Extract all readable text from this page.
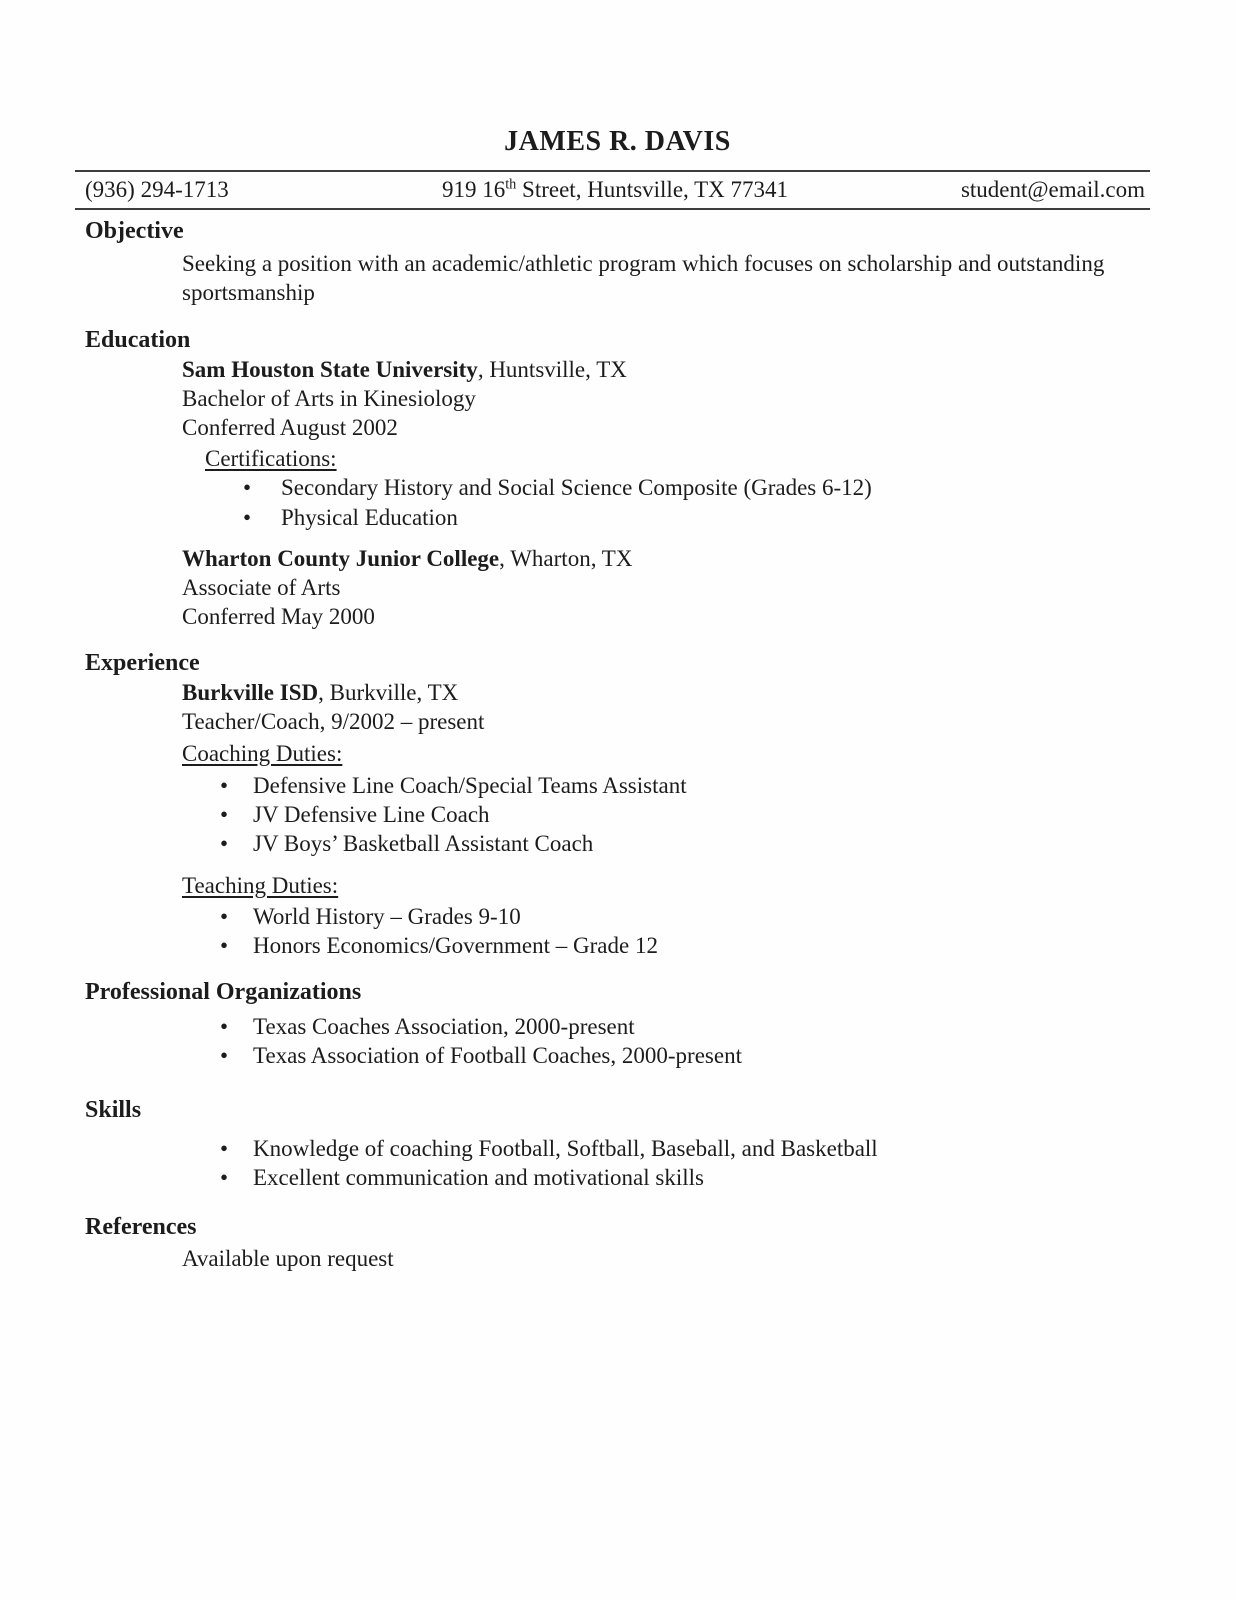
JAMES R. DAVIS
(936) 294-1713	919 16th Street, Huntsville, TX 77341	student@email.com
Objective
Seeking a position with an academic/athletic program which focuses on scholarship and outstanding
sportsmanship
Education
Sam Houston State University, Huntsville, TX
Bachelor of Arts in Kinesiology
Conferred August 2002
Certifications:
•	Secondary History and Social Science Composite (Grades 6-12)
•	Physical Education
Wharton County Junior College, Wharton, TX
Associate of Arts
Conferred May 2000
Experience
Burkville ISD, Burkville, TX
Teacher/Coach, 9/2002 – present
Coaching Duties:
•	Defensive Line Coach/Special Teams Assistant
•	JV Defensive Line Coach
•	JV Boys’ Basketball Assistant Coach
Teaching Duties:
•	World History – Grades 9-10
•	Honors Economics/Government – Grade 12
Professional Organizations
•	Texas Coaches Association, 2000-present
•	Texas Association of Football Coaches, 2000-present
Skills
•	Knowledge of coaching Football, Softball, Baseball, and Basketball
•	Excellent communication and motivational skills
References
Available upon request
